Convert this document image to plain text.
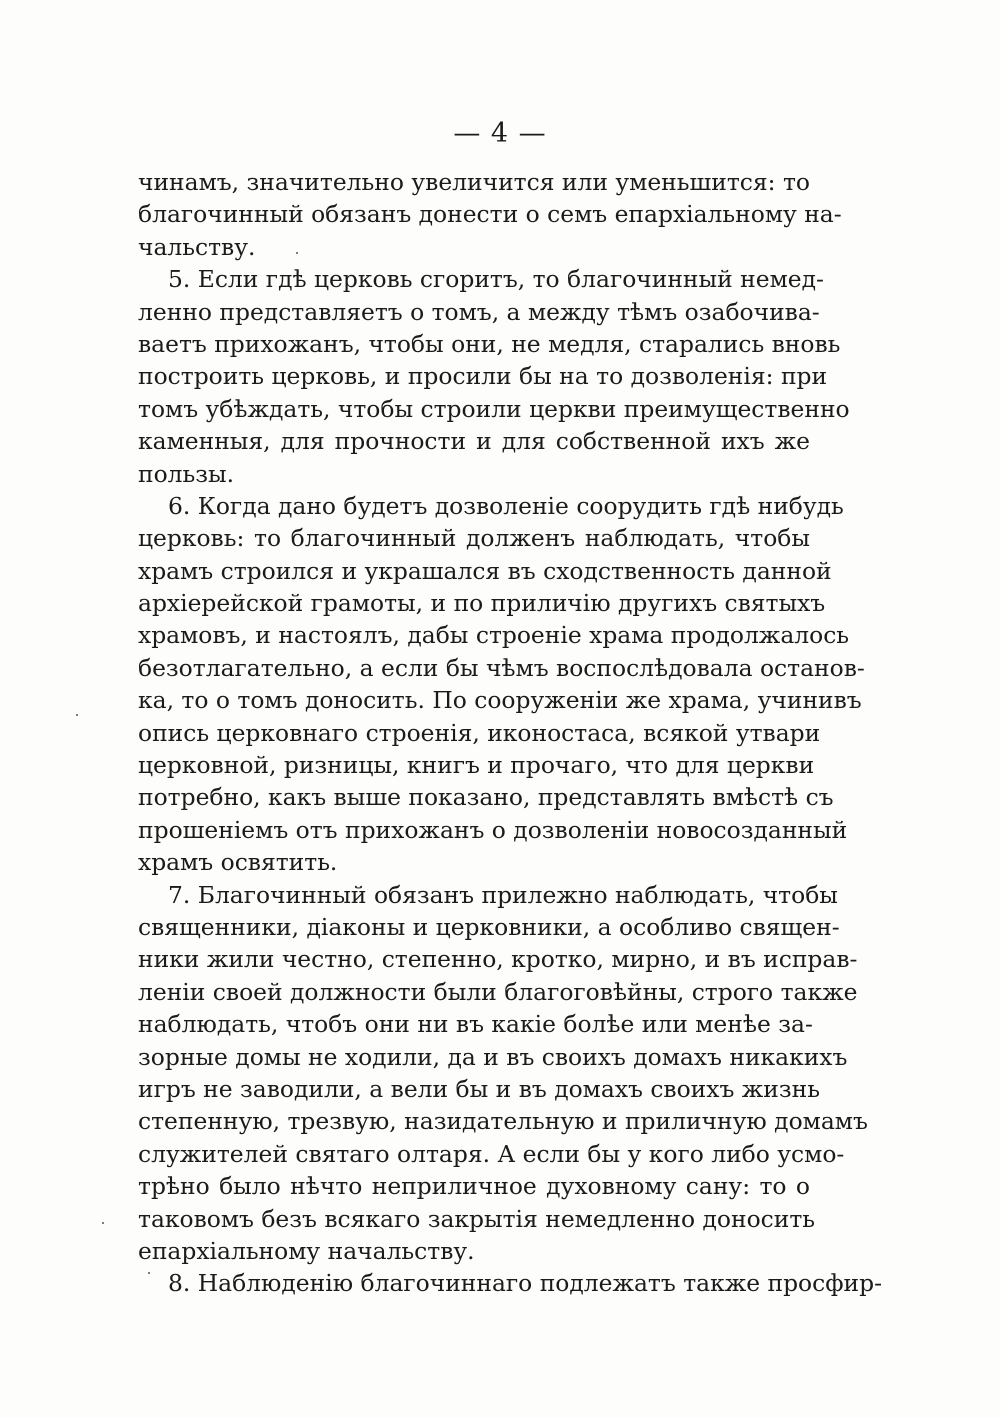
— 4 —
чинамъ, значительно увеличится или уменьшится: то
благочинный обязанъ донести о семъ епархіальному на-
чальству.
5. Если гдѣ церковь сгоритъ, то благочинный немед-
ленно представляетъ о томъ, а между тѣмъ озабочива-
ваетъ прихожанъ, чтобы они, не медля, старались вновь
построить церковь, и просили бы на то дозволенія: при
томъ убѣждать, чтобы строили церкви преимущественно
каменныя, для прочности и для собственной ихъ же
пользы.
6. Когда дано будетъ дозволеніе соорудить гдѣ нибудь
церковь: то благочинный долженъ наблюдать, чтобы
храмъ строился и украшался въ сходственность данной
архіерейской грамоты, и по приличію другихъ святыхъ
храмовъ, и настоялъ, дабы строеніе храма продолжалось
безотлагательно, а если бы чѣмъ воспослѣдовала останов-
ка, то о томъ доносить. По сооруженіи же храма, учинивъ
опись церковнаго строенія, иконостаса, всякой утвари
церковной, ризницы, книгъ и прочаго, что для церкви
потребно, какъ выше показано, представлять вмѣстѣ съ
прошеніемъ отъ прихожанъ о дозволеніи новосозданный
храмъ освятить.
7. Благочинный обязанъ прилежно наблюдать, чтобы
священники, діаконы и церковники, а особливо священ-
ники жили честно, степенно, кротко, мирно, и въ исправ-
леніи своей должности были благоговѣйны, строго также
наблюдать, чтобъ они ни въ какіе болѣе или менѣе за-
зорные домы не ходили, да и въ своихъ домахъ никакихъ
игръ не заводили, а вели бы и въ домахъ своихъ жизнь
степенную, трезвую, назидательную и приличную домамъ
служителей святаго олтаря. А если бы у кого либо усмо-
трѣно было нѣчто неприличное духовному сану: то о
таковомъ безъ всякаго закрытія немедленно доносить
епархіальному начальству.
8. Наблюденію благочиннаго подлежатъ также просфир-
